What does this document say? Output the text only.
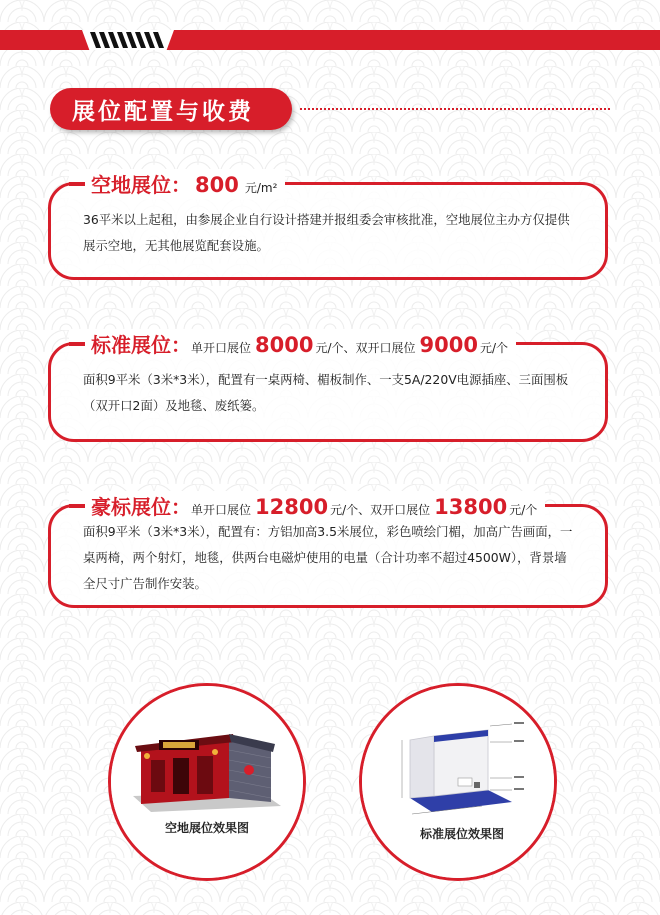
展位配置与收费
空地展位： 800 元/m²
36平米以上起租，由参展企业自行设计搭建并报组委会审核批准，空地展位主办方仅提供展示空地，无其他展览配套设施。
标准展位： 单开口展位 8000 元/个 、 双开口展位 9000 元/个
面积9平米（3米*3米），配置有一桌两椅、楣板制作、一支5A/220V电源插座、三面围板（双开口2面）及地毯、废纸篓。
豪标展位： 单开口展位 12800 元/个 、 双开口展位 13800 元/个
面积9平米（3米*3米），配置有：方铝加高3.5米展位，彩色喷绘门楣，加高广告画面，一桌两椅，两个射灯，地毯，供两台电磁炉使用的电量（合计功率不超过4500W），背景墙全尺寸广告制作安装。
空地展位效果图	标准展位效果图
